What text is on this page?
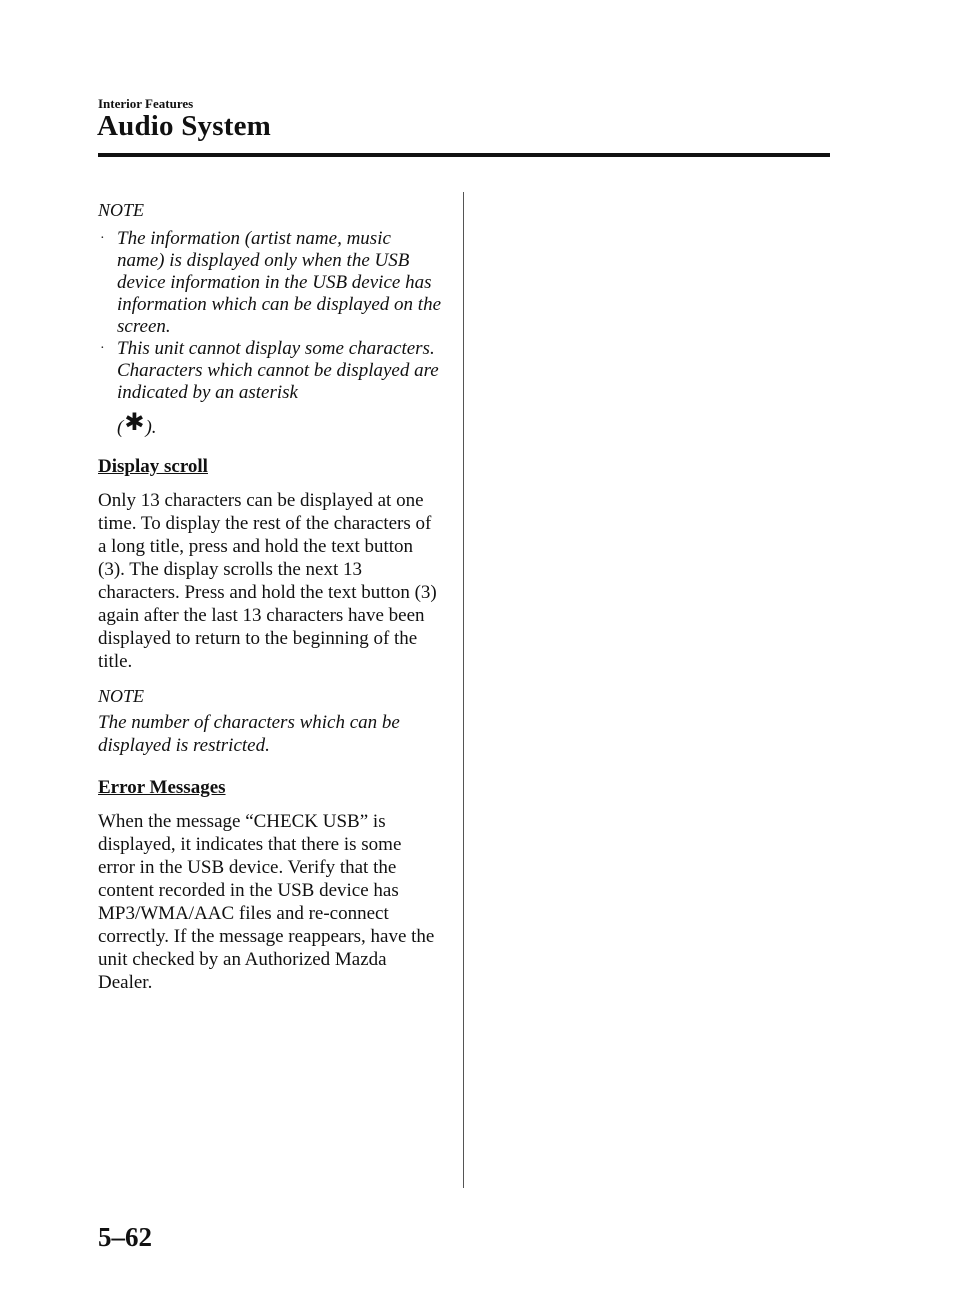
Interior Features
Audio System

NOTE

· The information (artist name, music name) is displayed only when the USB device information in the USB device has information which can be displayed on the screen.
· This unit cannot display some characters. Characters which cannot be displayed are indicated by an asterisk
(✱).

Display scroll

Only 13 characters can be displayed at one time. To display the rest of the characters of a long title, press and hold the text button (3). The display scrolls the next 13 characters. Press and hold the text button (3) again after the last 13 characters have been displayed to return to the beginning of the title.

NOTE

The number of characters which can be displayed is restricted.

Error Messages

When the message “CHECK USB” is displayed, it indicates that there is some error in the USB device. Verify that the content recorded in the USB device has MP3/WMA/AAC files and re-connect correctly. If the message reappears, have the unit checked by an Authorized Mazda Dealer.

5–62
